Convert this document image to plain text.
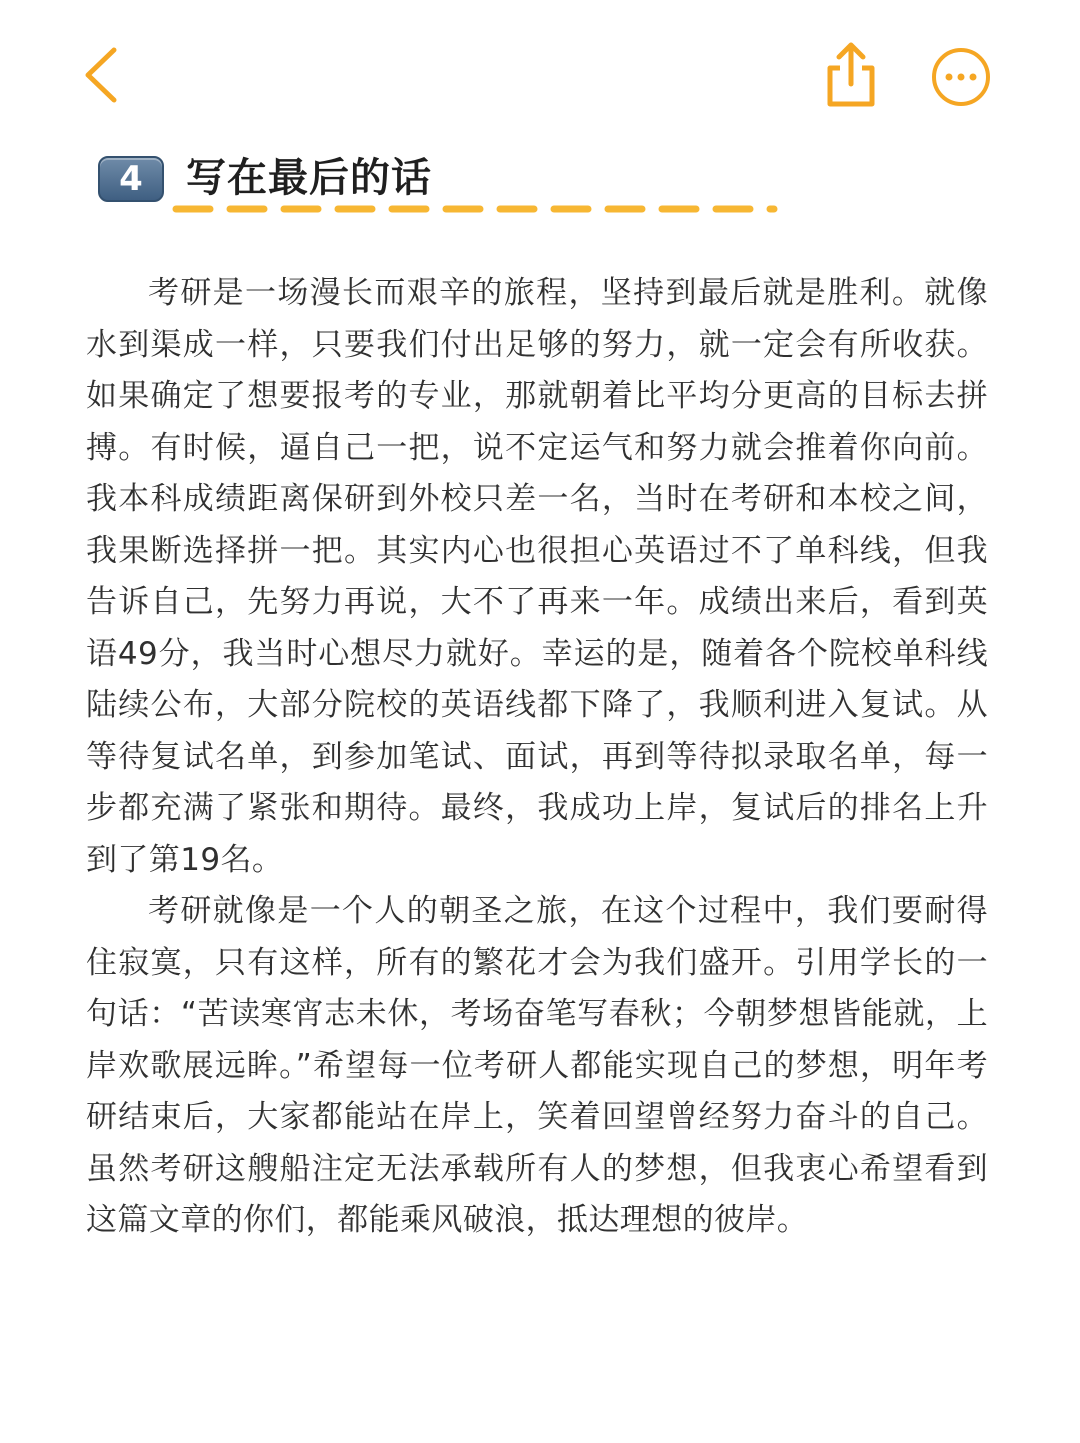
4	写在最后的话

考研是一场漫长而艰辛的旅程，坚持到最后就是胜利。就像水到渠成一样，只要我们付出足够的努力，就一定会有所收获。如果确定了想要报考的专业，那就朝着比平均分更高的目标去拼搏。有时候，逼自己一把，说不定运气和努力就会推着你向前。我本科成绩距离保研到外校只差一名，当时在考研和本校之间，我果断选择拼一把。其实内心也很担心英语过不了单科线，但我告诉自己，先努力再说，大不了再来一年。成绩出来后，看到英语49分，我当时心想尽力就好。幸运的是，随着各个院校单科线陆续公布，大部分院校的英语线都下降了，我顺利进入复试。从等待复试名单，到参加笔试、面试，再到等待拟录取名单，每一步都充满了紧张和期待。最终，我成功上岸，复试后的排名上升到了第19名。

考研就像是一个人的朝圣之旅，在这个过程中，我们要耐得住寂寞，只有这样，所有的繁花才会为我们盛开。引用学长的一句话：“苦读寒宵志未休，考场奋笔写春秋；今朝梦想皆能就，上岸欢歌展远眸。”希望每一位考研人都能实现自己的梦想，明年考研结束后，大家都能站在岸上，笑着回望曾经努力奋斗的自己。虽然考研这艘船注定无法承载所有人的梦想，但我衷心希望看到这篇文章的你们，都能乘风破浪，抵达理想的彼岸。
